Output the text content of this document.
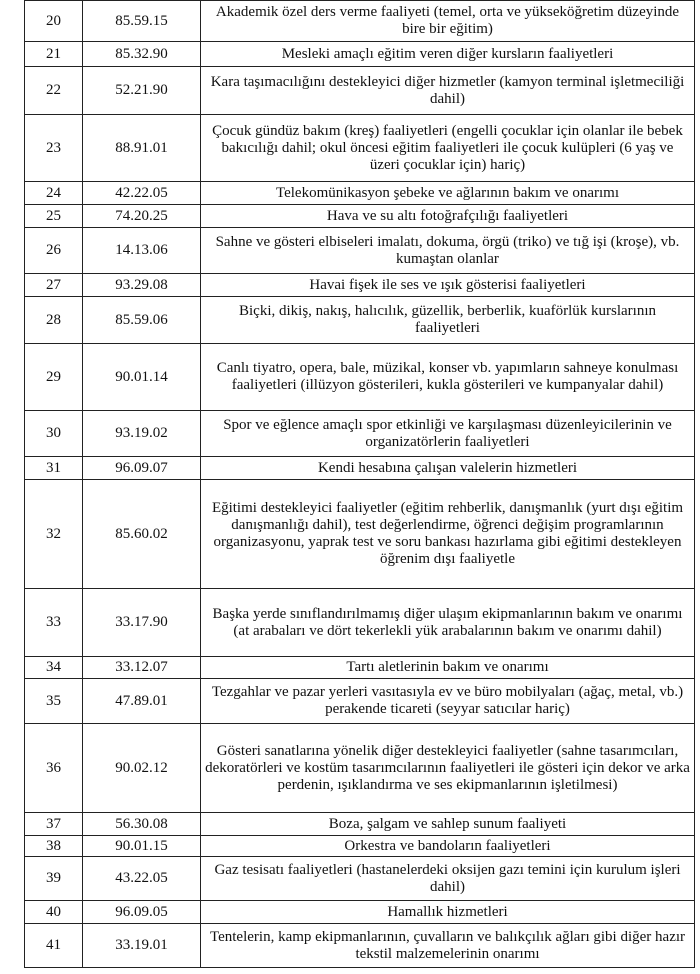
20	85.59.15	Akademik özel ders verme faaliyeti (temel, orta ve yükseköğretim düzeyinde bire bir eğitim)
21	85.32.90	Mesleki amaçlı eğitim veren diğer kursların faaliyetleri
22	52.21.90	Kara taşımacılığını destekleyici diğer hizmetler (kamyon terminal işletmeciliği dahil)
23	88.91.01	Çocuk gündüz bakım (kreş) faaliyetleri (engelli çocuklar için olanlar ile bebek bakıcılığı dahil; okul öncesi eğitim faaliyetleri ile çocuk kulüpleri (6 yaş ve üzeri çocuklar için) hariç)
24	42.22.05	Telekomünikasyon şebeke ve ağlarının bakım ve onarımı
25	74.20.25	Hava ve su altı fotoğrafçılığı faaliyetleri
26	14.13.06	Sahne ve gösteri elbiseleri imalatı, dokuma, örgü (triko) ve tığ işi (kroşe), vb. kumaştan olanlar
27	93.29.08	Havai fişek ile ses ve ışık gösterisi faaliyetleri
28	85.59.06	Biçki, dikiş, nakış, halıcılık, güzellik, berberlik, kuaförlük kurslarının faaliyetleri
29	90.01.14	Canlı tiyatro, opera, bale, müzikal, konser vb. yapımların sahneye konulması faaliyetleri (illüzyon gösterileri, kukla gösterileri ve kumpanyalar dahil)
30	93.19.02	Spor ve eğlence amaçlı spor etkinliği ve karşılaşması düzenleyicilerinin ve organizatörlerin faaliyetleri
31	96.09.07	Kendi hesabına çalışan valelerin hizmetleri
32	85.60.02	Eğitimi destekleyici faaliyetler (eğitim rehberlik, danışmanlık (yurt dışı eğitim danışmanlığı dahil), test değerlendirme, öğrenci değişim programlarının organizasyonu, yaprak test ve soru bankası hazırlama gibi eğitimi destekleyen öğrenim dışı faaliyetle
33	33.17.90	Başka yerde sınıflandırılmamış diğer ulaşım ekipmanlarının bakım ve onarımı (at arabaları ve dört tekerlekli yük arabalarının bakım ve onarımı dahil)
34	33.12.07	Tartı aletlerinin bakım ve onarımı
35	47.89.01	Tezgahlar ve pazar yerleri vasıtasıyla ev ve büro mobilyaları (ağaç, metal, vb.) perakende ticareti (seyyar satıcılar hariç)
36	90.02.12	Gösteri sanatlarına yönelik diğer destekleyici faaliyetler (sahne tasarımcıları, dekoratörleri ve kostüm tasarımcılarının faaliyetleri ile gösteri için dekor ve arka perdenin, ışıklandırma ve ses ekipmanlarının işletilmesi)
37	56.30.08	Boza, şalgam ve sahlep sunum faaliyeti
38	90.01.15	Orkestra ve bandoların faaliyetleri
39	43.22.05	Gaz tesisatı faaliyetleri (hastanelerdeki oksijen gazı temini için kurulum işleri dahil)
40	96.09.05	Hamallık hizmetleri
41	33.19.01	Tentelerin, kamp ekipmanlarının, çuvalların ve balıkçılık ağları gibi diğer hazır tekstil malzemelerinin onarımı
